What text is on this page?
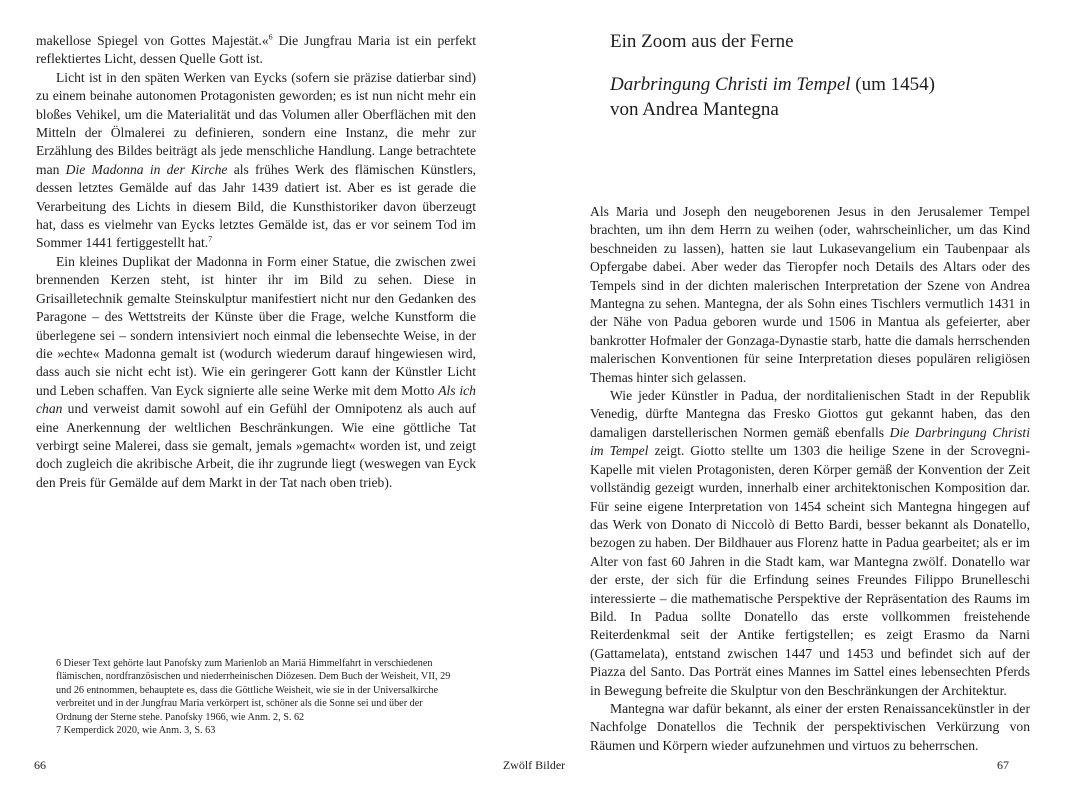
makellose Spiegel von Gottes Majestät.«$^6$ Die Jungfrau Maria ist ein perfekt reflektiertes Licht, dessen Quelle Gott ist.

Licht ist in den späten Werken van Eycks (sofern sie präzise datierbar sind) zu einem beinahe autonomen Protagonisten geworden; es ist nun nicht mehr ein bloßes Vehikel, um die Materialität und das Volumen aller Oberflächen mit den Mitteln der Ölmalerei zu definieren, sondern eine Instanz, die mehr zur Erzählung des Bildes beiträgt als jede menschliche Handlung. Lange betrachtete man Die Madonna in der Kirche als frühes Werk des flämischen Künstlers, dessen letztes Gemälde auf das Jahr 1439 datiert ist. Aber es ist gerade die Verarbeitung des Lichts in diesem Bild, die Kunsthistoriker davon überzeugt hat, dass es vielmehr van Eycks letztes Gemälde ist, das er vor seinem Tod im Sommer 1441 fertiggestellt hat.$^7$

Ein kleines Duplikat der Madonna in Form einer Statue, die zwischen zwei brennenden Kerzen steht, ist hinter ihr im Bild zu sehen. Diese in Grisailletechnik gemalte Steinskulptur manifestiert nicht nur den Gedanken des Paragone – des Wettstreits der Künste über die Frage, welche Kunstform die überlegene sei – sondern intensiviert noch einmal die lebensechte Weise, in der die »echte« Madonna gemalt ist (wodurch wiederum darauf hingewiesen wird, dass auch sie nicht echt ist). Wie ein geringerer Gott kann der Künstler Licht und Leben schaffen. Van Eyck signierte alle seine Werke mit dem Motto Als ich chan und verweist damit sowohl auf ein Gefühl der Omnipotenz als auch auf eine Anerkennung der weltlichen Beschränkungen. Wie eine göttliche Tat verbirgt seine Malerei, dass sie gemalt, jemals »gemacht« worden ist, und zeigt doch zugleich die akribische Arbeit, die ihr zugrunde liegt (weswegen van Eyck den Preis für Gemälde auf dem Markt in der Tat nach oben trieb).

6 Dieser Text gehörte laut Panofsky zum Marienlob an Mariä Himmelfahrt in verschiedenen flämischen, nordfranzösischen und niederrheinischen Diözesen. Dem Buch der Weisheit, VII, 29 und 26 entnommen, behauptete es, dass die Göttliche Weisheit, wie sie in der Universalkirche verbreitet und in der Jungfrau Maria verkörpert ist, schöner als die Sonne sei und über der Ordnung der Sterne stehe. Panofsky 1966, wie Anm. 2, S. 62

7 Kemperdick 2020, wie Anm. 3, S. 63

66	Zwölf Bilder	67
Ein Zoom aus der Ferne
Darbringung Christi im Tempel (um 1454)
von Andrea Mantegna

Als Maria und Joseph den neugeborenen Jesus in den Jerusalemer Tempel brachten, um ihn dem Herrn zu weihen (oder, wahrscheinlicher, um das Kind beschneiden zu lassen), hatten sie laut Lukasevangelium ein Taubenpaar als Opfergabe dabei. Aber weder das Tieropfer noch Details des Altars oder des Tempels sind in der dichten malerischen Interpretation der Szene von Andrea Mantegna zu sehen. Mantegna, der als Sohn eines Tischlers vermutlich 1431 in der Nähe von Padua geboren wurde und 1506 in Mantua als gefeierter, aber bankrotter Hofmaler der Gonzaga-Dynastie starb, hatte die damals herrschenden malerischen Konventionen für seine Interpretation dieses populären religiösen Themas hinter sich gelassen.

Wie jeder Künstler in Padua, der norditalienischen Stadt in der Republik Venedig, dürfte Mantegna das Fresko Giottos gut gekannt haben, das den damaligen darstellerischen Normen gemäß ebenfalls Die Darbringung Christi im Tempel zeigt. Giotto stellte um 1303 die heilige Szene in der Scrovegni-Kapelle mit vielen Protagonisten, deren Körper gemäß der Konvention der Zeit vollständig gezeigt wurden, innerhalb einer architektonischen Komposition dar. Für seine eigene Interpretation von 1454 scheint sich Mantegna hingegen auf das Werk von Donato di Niccolò di Betto Bardi, besser bekannt als Donatello, bezogen zu haben. Der Bildhauer aus Florenz hatte in Padua gearbeitet; als er im Alter von fast 60 Jahren in die Stadt kam, war Mantegna zwölf. Donatello war der erste, der sich für die Erfindung seines Freundes Filippo Brunelleschi interessierte – die mathematische Perspektive der Repräsentation des Raums im Bild. In Padua sollte Donatello das erste vollkommen freistehende Reiterdenkmal seit der Antike fertigstellen; es zeigt Erasmo da Narni (Gattamelata), entstand zwischen 1447 und 1453 und befindet sich auf der Piazza del Santo. Das Porträt eines Mannes im Sattel eines lebensechten Pferds in Bewegung befreite die Skulptur von den Beschränkungen der Architektur.

Mantegna war dafür bekannt, als einer der ersten Renaissancekünstler in der Nachfolge Donatellos die Technik der perspektivischen Verkürzung von Räumen und Körpern wieder aufzunehmen und virtuos zu beherrschen.
